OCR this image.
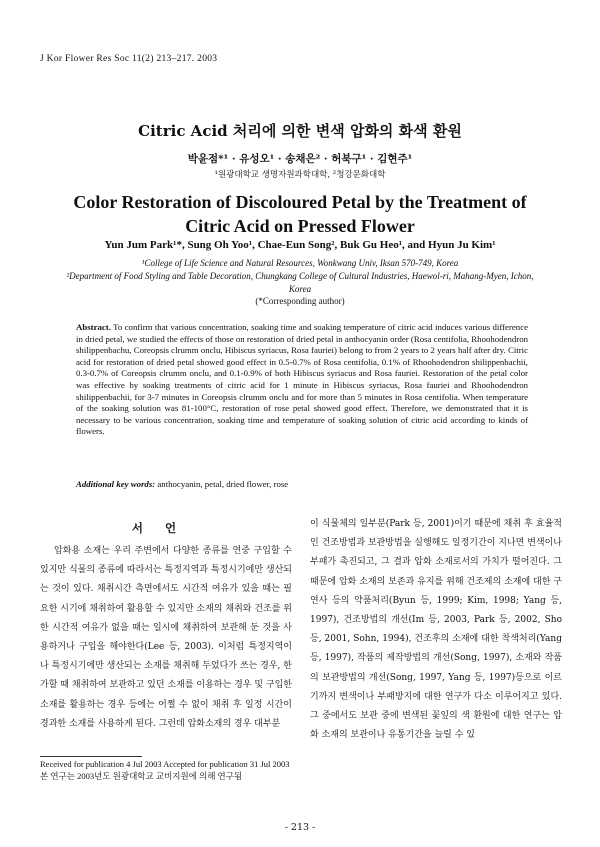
J Kor Flower Res Soc 11(2) 213–217. 2003
Citric Acid 처리에 의한 변색 압화의 화색 환원
박윤점*¹ · 유성오¹ · 송채은² · 허북구¹ · 김현주¹
¹원광대학교 생명자원과학대학, ²청강문화대학
Color Restoration of Discoloured Petal by the Treatment of Citric Acid on Pressed Flower
Yun Jum Park¹*, Sung Oh Yoo¹, Chae-Eun Song², Buk Gu Heo¹, and Hyun Ju Kim¹
¹College of Life Science and Natural Resources, Wonkwang Univ, Iksan 570-749, Korea
²Department of Food Styling and Table Decoration, Chungkang College of Cultural Industries, Haewol-ri, Mahang-Myen, Ichon, Korea
(*Corresponding author)
Abstract. To confirm that various concentration, soaking time and soaking temperature of citric acid induces various difference in dried petal, we studied the effects of those on restoration of dried petal in anthocyanin order (Rosa centifolia, Rhoohodendron shilippenbachu, Coreopsis clrumm onclu, Hibiscus syriacus, Rosa fauriei) belong to from 2 years to 2 years half after dry. Citric acid for restoration of dried petal showed good effect in 0.5-0.7% of Rosa centifolia, 0.1% of Rhoohodendron shilippenbachii, 0.3-0.7% of Coreopsis clrumm onclu, and 0.1-0.9% of both Hibiscus syriacus and Rosa fauriei. Restoration of the petal color was effective by soaking treatments of citric acid for 1 minute in Hibiscus syriacus, Rosa fauriei and Rhoohodendron shilippenbachii, for 3-7 minutes in Coreopsis clrumm onclu and for more than 5 minutes in Rosa centifolia. When temperature of the soaking solution was 81-100°C, restoration of rose petal showed good effect. Therefore, we demonstrated that it is necessary to be various concentration, soaking time and temperature of soaking solution of citric acid according to kinds of flowers.
Additional key words: anthocyanin, petal, dried flower, rose
서언
압화용 소재는 우리 주변에서 다양한 종류를 연중 구입할 수 있지만 식물의 종류에 따라서는 특정지역과 특정시기에만 생산되는 것이 있다. 채취시간 측면에서도 시간적 여유가 있을 때는 필요한 시기에 채취하여 활용할 수 있지만 소재의 채취와 건조를 위한 시간적 여유가 없을 때는 일시에 채취하여 보관해 둔 것을 사용하거나 구입을 해야한다(Lee 등, 2003). 이처럼 특정지역이나 특정시기에만 생산되는 소재를 채취해 두었다가 쓰는 경우, 한가할 때 채취하여 보관하고 있던 소재를 이용하는 경우 및 구입한 소재를 활용하는 경우 등에는 어쩔 수 없이 채취 후 일정 시간이 경과한 소재를 사용하게 된다. 그런데 압화소재의 경우 대부분
이 식물체의 일부분(Park 등, 2001)이기 때문에 채취 후 효율적인 건조방법과 보관방법을 실행해도 일정기간이 지나면 변색이나 부패가 촉진되고, 그 결과 압화 소재로서의 가치가 떨어진다. 그 때문에 압화 소재의 보존과 유지를 위해 건조제의 소재에 대한 구연사 등의 약품처리(Byun 등, 1999; Kim, 1998; Yang 등, 1997), 건조방법의 개선(Im 등, 2003, Park 등, 2002, Sho 등, 2001, Sohn, 1994), 건조후의 소재에 대한 착색처리(Yang 등, 1997), 작품의 제작방법의 개선(Song, 1997), 소재와 작품의 보관방법의 개선(Song, 1997, Yang 등, 1997)등으로 이르기까지 변색이나 부패방지에 대한 연구가 다소 이루어지고 있다. 그 중에서도 보관 중에 변색된 꽃잎의 색 환원에 대한 연구는 압화 소재의 보관이나 유통기간을 늘릴 수 있
Received for publication 4 Jul 2003 Accepted for publication 31 Jul 2003
본 연구는 2003년도 원광대학교 교비지원에 의해 연구됨
- 213 -
